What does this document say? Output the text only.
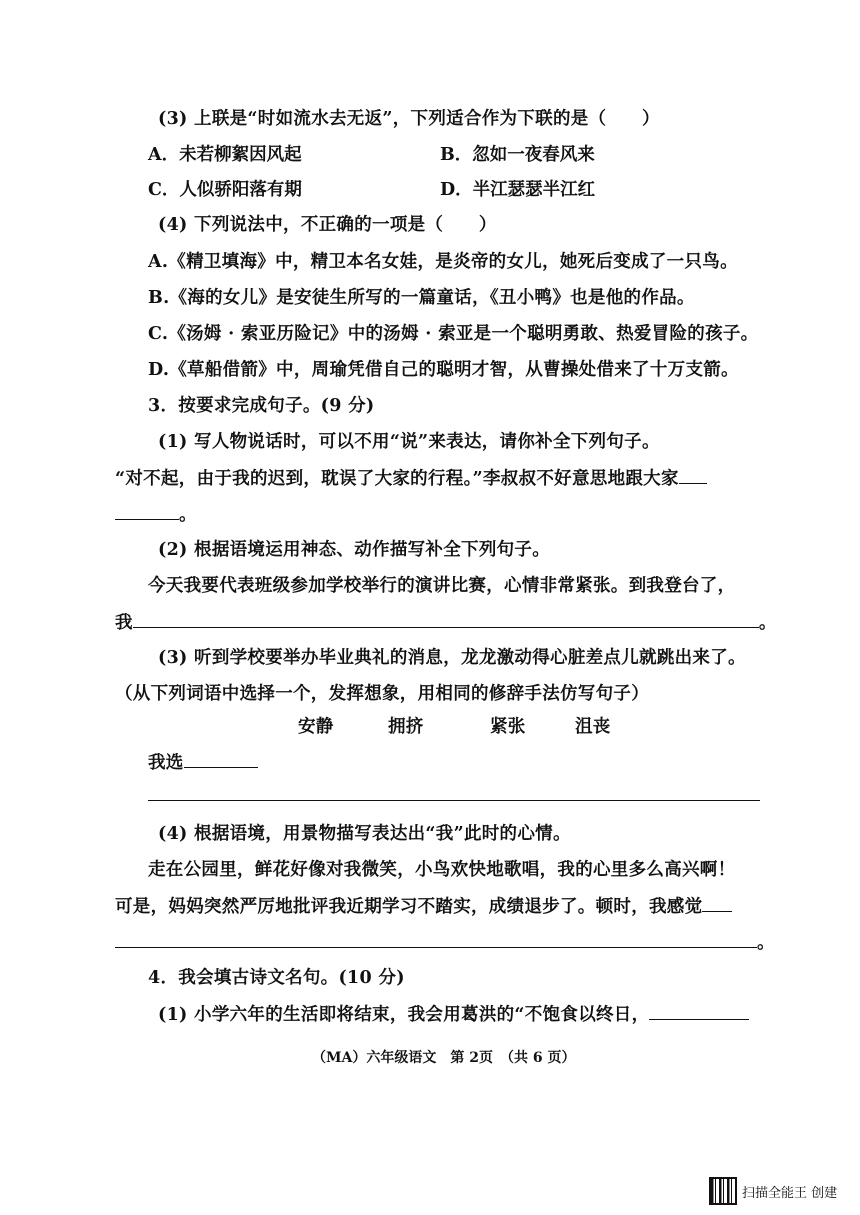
(3) 上联是“时如流水去无返”，下列适合作为下联的是（　　）
A．未若柳絮因风起	B．忽如一夜春风来
C．人似骄阳落有期	D．半江瑟瑟半江红
(4) 下列说法中，不正确的一项是（　　）
A.《精卫填海》中，精卫本名女娃，是炎帝的女儿，她死后变成了一只鸟。
B.《海的女儿》是安徒生所写的一篇童话，《丑小鸭》也是他的作品。
C.《汤姆 · 索亚历险记》中的汤姆 · 索亚是一个聪明勇敢、热爱冒险的孩子。
D.《草船借箭》中，周瑜凭借自己的聪明才智，从曹操处借来了十万支箭。
3．按要求完成句子。(9 分)
(1) 写人物说话时，可以不用“说”来表达，请你补全下列句子。
“对不起，由于我的迟到，耽误了大家的行程。”李叔叔不好意思地跟大家
。
(2) 根据语境运用神态、动作描写补全下列句子。
今天我要代表班级参加学校举行的演讲比赛，心情非常紧张。到我登台了，
我	。
(3) 听到学校要举办毕业典礼的消息，龙龙激动得心脏差点儿就跳出来了。
（从下列词语中选择一个，发挥想象，用相同的修辞手法仿写句子）
安静	拥挤	紧张	沮丧
我选
(4) 根据语境，用景物描写表达出“我”此时的心情。
走在公园里，鲜花好像对我微笑，小鸟欢快地歌唱，我的心里多么高兴啊！
可是，妈妈突然严厉地批评我近期学习不踏实，成绩退步了。顿时，我感觉
。
4．我会填古诗文名句。(10 分)
(1) 小学六年的生活即将结束，我会用葛洪的“不饱食以终日，
（MA）六年级语文　第 2页　（共 6 页）
扫描全能王 创建
